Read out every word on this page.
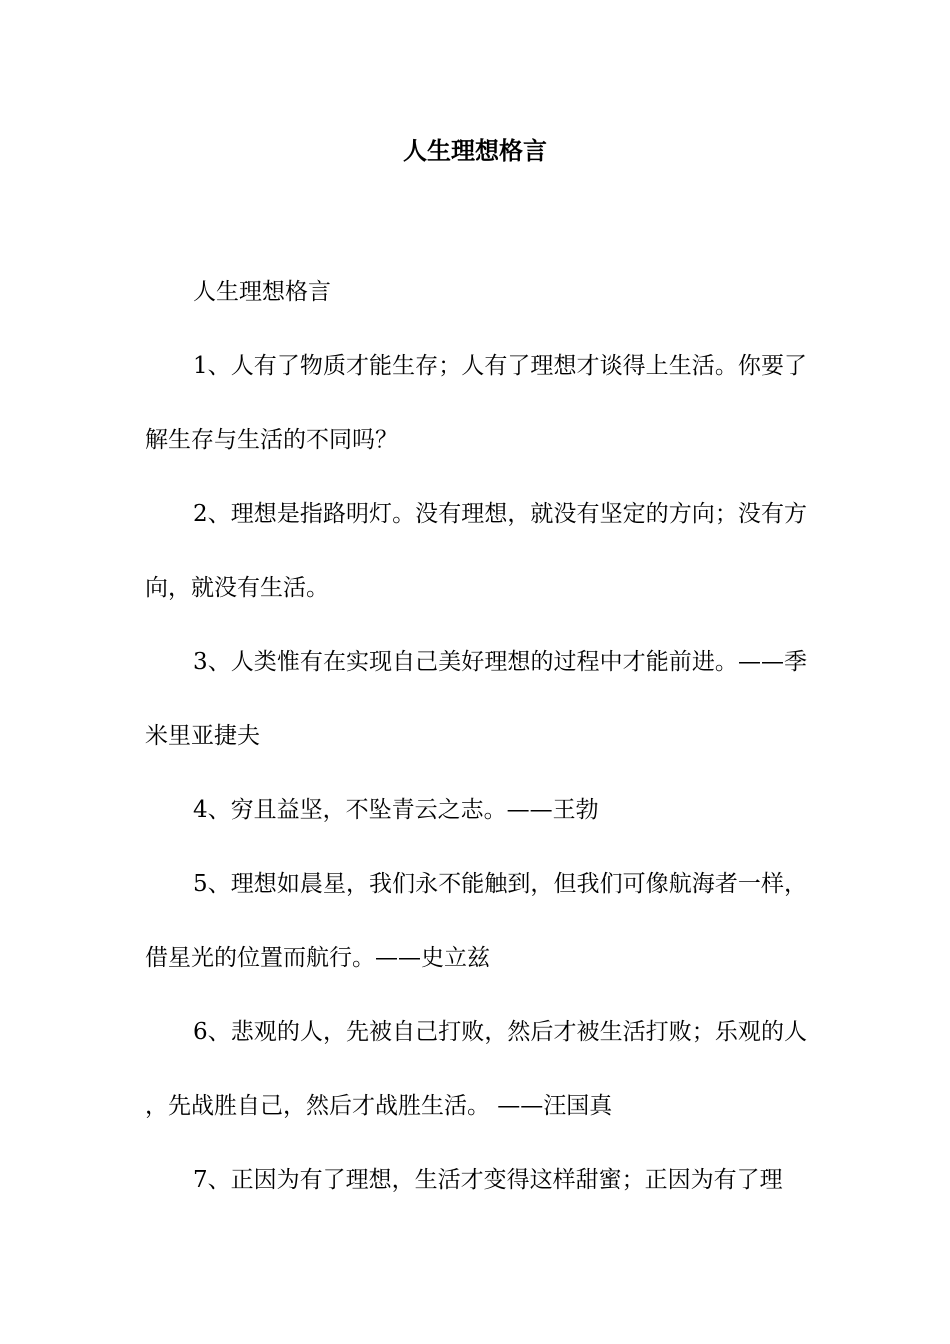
人生理想格言

人生理想格言

1、人有了物质才能生存；人有了理想才谈得上生活。你要了解生存与生活的不同吗？

2、理想是指路明灯。没有理想，就没有坚定的方向；没有方向，就没有生活。

3、人类惟有在实现自己美好理想的过程中才能前进。——季米里亚捷夫

4、穷且益坚，不坠青云之志。——王勃

5、理想如晨星，我们永不能触到，但我们可像航海者一样，借星光的位置而航行。——史立兹

6、悲观的人，先被自己打败，然后才被生活打败；乐观的人，先战胜自己，然后才战胜生活。 ——汪国真

7、正因为有了理想，生活才变得这样甜蜜；正因为有了理
